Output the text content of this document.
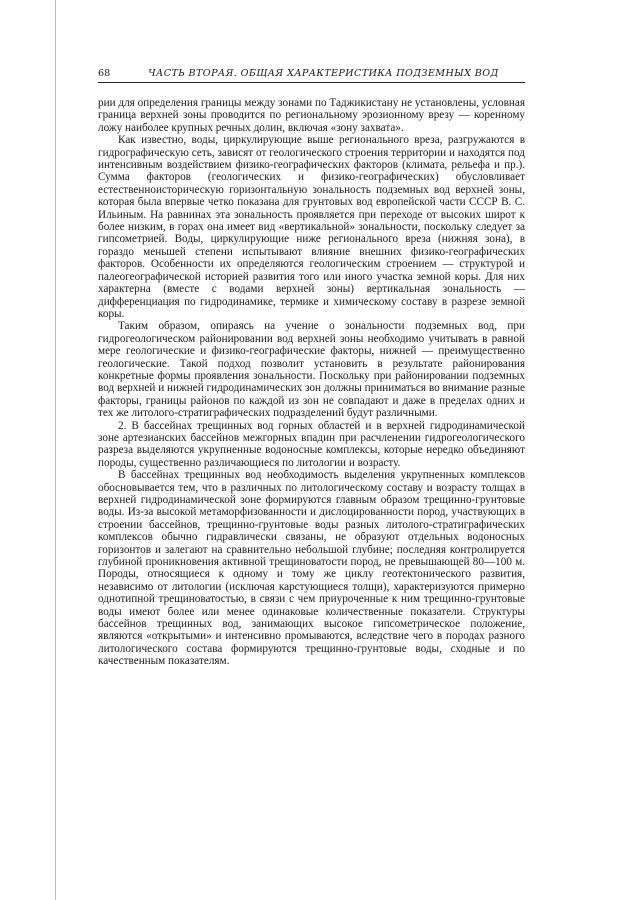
68	ЧАСТЬ ВТОРАЯ. ОБЩАЯ ХАРАКТЕРИСТИКА ПОДЗЕМНЫХ ВОД

рии для определения границы между зонами по Таджикистану не установлены, условная граница верхней зоны проводится по региональному эрозионному врезу — коренному ложу наиболее крупных речных долин, включая «зону захвата».

Как известно, воды, циркулирующие выше регионального вреза, разгружаются в гидрографическую сеть, зависят от геологического строения территории и находятся под интенсивным воздействием физико-географических факторов (климата, рельефа и пр.). Сумма факторов (геологических и физико-географических) обусловливает естественноисторическую горизонтальную зональность подземных вод верхней зоны, которая была впервые четко показана для грунтовых вод европейской части СССР В. С. Ильиным. На равнинах эта зональность проявляется при переходе от высоких широт к более низким, в горах она имеет вид «вертикальной» зональности, поскольку следует за гипсометрией. Воды, циркулирующие ниже регионального вреза (нижняя зона), в гораздо меньшей степени испытывают влияние внешних физико-географических факторов. Особенности их определяются геологическим строением — структурой и палеогеографической историей развития того или иного участка земной коры. Для них характерна (вместе с водами верхней зоны) вертикальная зональность — дифференциация по гидродинамике, термике и химическому составу в разрезе земной коры.

Таким образом, опираясь на учение о зональности подземных вод, при гидрогеологическом районировании вод верхней зоны необходимо учитывать в равной мере геологические и физико-географические факторы, нижней — преимущественно геологические. Такой подход позволит установить в результате районирования конкретные формы проявления зональности. Поскольку при районировании подземных вод верхней и нижней гидродинамических зон должны приниматься во внимание разные факторы, границы районов по каждой из зон не совпадают и даже в пределах одних и тех же литолого-стратиграфических подразделений будут различными.

2. В бассейнах трещинных вод горных областей и в верхней гидродинамической зоне артезианских бассейнов межгорных впадин при расчленении гидрогеологического разреза выделяются укрупненные водоносные комплексы, которые нередко объединяют породы, существенно различающиеся по литологии и возрасту.

В бассейнах трещинных вод необходимость выделения укрупненных комплексов обосновывается тем, что в различных по литологическому составу и возрасту толщах в верхней гидродинамической зоне формируются главным образом трещинно-грунтовые воды. Из-за высокой метаморфизованности и дислоцированности пород, участвующих в строении бассейнов, трещинно-грунтовые воды разных литолого-стратиграфических комплексов обычно гидравлически связаны, не образуют отдельных водоносных горизонтов и залегают на сравнительно небольшой глубине; последняя контролируется глубиной проникновения активной трещиноватости пород, не превышающей 80—100 м. Породы, относящиеся к одному и тому же циклу геотектонического развития, независимо от литологии (исключая карстующиеся толщи), характеризуются примерно однотипной трещиноватостью, в связи с чем приуроченные к ним трещинно-грунтовые воды имеют более или менее одинаковые количественные показатели. Структуры бассейнов трещинных вод, занимающих высокое гипсометрическое положение, являются «открытыми» и интенсивно промываются, вследствие чего в породах разного литологического состава формируются трещинно-грунтовые воды, сходные и по качественным показателям.
